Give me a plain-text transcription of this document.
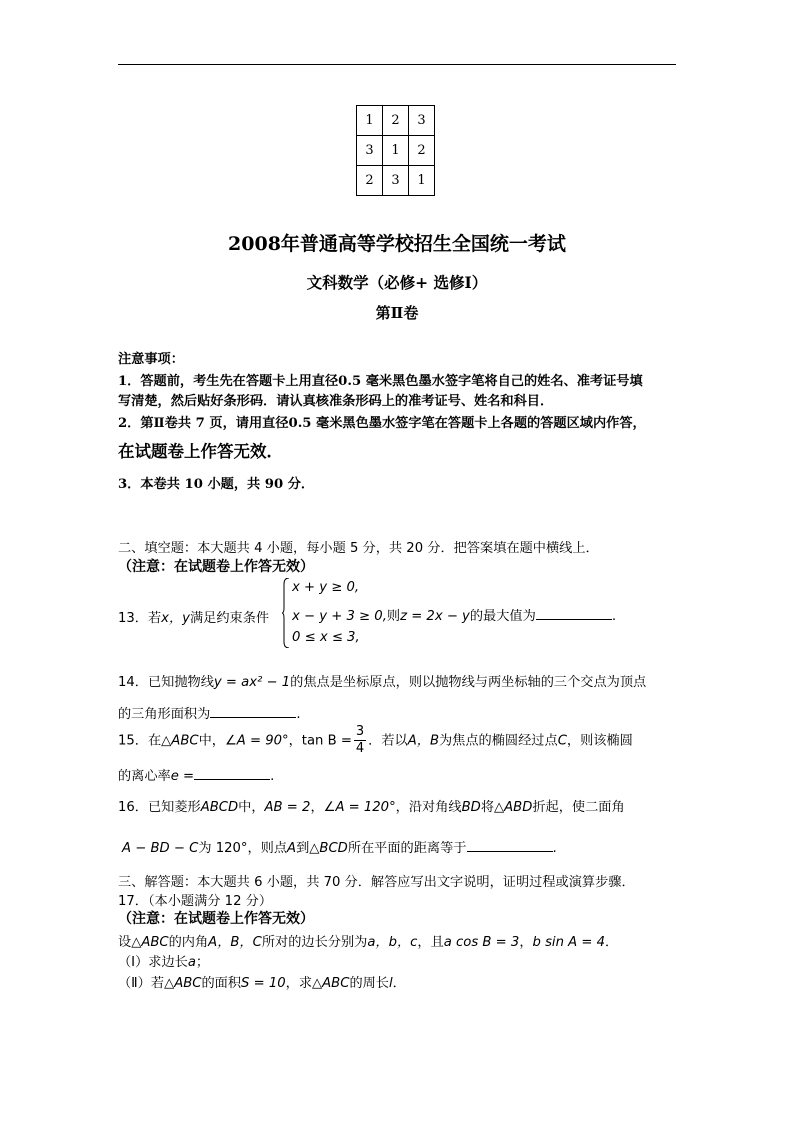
1	2	3
3	1	2
2	3	1
2008年普通高等学校招生全国统一考试
文科数学（必修+ 选修Ⅰ）
第Ⅱ卷
注意事项：
1．答题前，考生先在答题卡上用直径0.5 毫米黑色墨水签字笔将自己的姓名、准考证号填
写清楚，然后贴好条形码．请认真核准条形码上的准考证号、姓名和科目．
2．第Ⅱ卷共 7 页，请用直径0.5 毫米黑色墨水签字笔在答题卡上各题的答题区域内作答，
在试题卷上作答无效．
3．本卷共 10 小题，共 90 分．
二、填空题：本大题共 4 小题，每小题 5 分，共 20 分．把答案填在题中横线上．
（注意：在试题卷上作答无效）
13．若x，y满足约束条件
x + y ≥ 0,
x − y + 3 ≥ 0,则z = 2x − y的最大值为	.
0 ≤ x ≤ 3,
14．已知抛物线y = ax² − 1的焦点是坐标原点，则以抛物线与两坐标轴的三个交点为顶点
的三角形面积为	.
15．在△ABC中，∠A = 90°，$\tan B = \frac{3}{4}$ ．若以A，B为焦点的椭圆经过点C，则该椭圆
的离心率e =	.
16．已知菱形ABCD中，AB = 2，∠A = 120°，沿对角线BD将△ABD折起，使二面角
A − BD − C为 120°，则点A到△BCD所在平面的距离等于	.
三、解答题：本大题共 6 小题，共 70 分．解答应写出文字说明，证明过程或演算步骤．
17．（本小题满分 12 分）
（注意：在试题卷上作答无效）
设△ABC的内角A，B，C所对的边长分别为a，b，c，且a cos B = 3，b sin A = 4．
（Ⅰ）求边长a；
（Ⅱ）若△ABC的面积S = 10，求△ABC的周长l．
